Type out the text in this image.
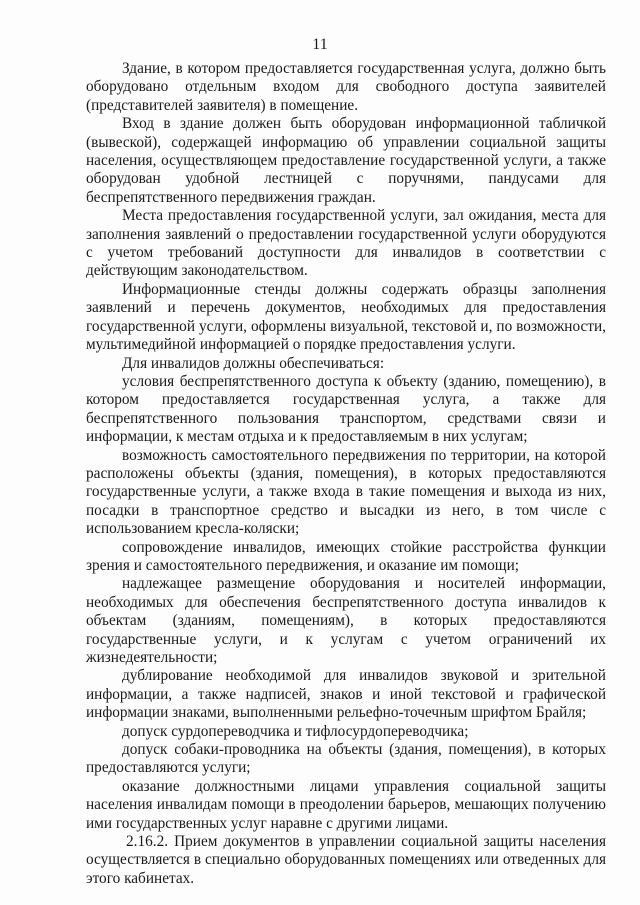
11

Здание, в котором предоставляется государственная услуга, должно быть оборудовано отдельным входом для свободного доступа заявителей (представителей заявителя) в помещение.

Вход в здание должен быть оборудован информационной табличкой (вывеской), содержащей информацию об управлении социальной защиты населения, осуществляющем предоставление государственной услуги, а также оборудован удобной лестницей с поручнями, пандусами для беспрепятственного передвижения граждан.

Места предоставления государственной услуги, зал ожидания, места для заполнения заявлений о предоставлении государственной услуги оборудуются с учетом требований доступности для инвалидов в соответствии с действующим законодательством.

Информационные стенды должны содержать образцы заполнения заявлений и перечень документов, необходимых для предоставления государственной услуги, оформлены визуальной, текстовой и, по возможности, мультимедийной информацией о порядке предоставления услуги.

Для инвалидов должны обеспечиваться:

условия беспрепятственного доступа к объекту (зданию, помещению), в котором предоставляется государственная услуга, а также для беспрепятственного пользования транспортом, средствами связи и информации, к местам отдыха и к предоставляемым в них услугам;

возможность самостоятельного передвижения по территории, на которой расположены объекты (здания, помещения), в которых предоставляются государственные услуги, а также входа в такие помещения и выхода из них, посадки в транспортное средство и высадки из него, в том числе с использованием кресла-коляски;

сопровождение инвалидов, имеющих стойкие расстройства функции зрения и самостоятельного передвижения, и оказание им помощи;

надлежащее размещение оборудования и носителей информации, необходимых для обеспечения беспрепятственного доступа инвалидов к объектам (зданиям, помещениям), в которых предоставляются государственные услуги, и к услугам с учетом ограничений их жизнедеятельности;

дублирование необходимой для инвалидов звуковой и зрительной информации, а также надписей, знаков и иной текстовой и графической информации знаками, выполненными рельефно-точечным шрифтом Брайля;

допуск сурдопереводчика и тифлосурдопереводчика;

допуск собаки-проводника на объекты (здания, помещения), в которых предоставляются услуги;

оказание должностными лицами управления социальной защиты населения инвалидам помощи в преодолении барьеров, мешающих получению ими государственных услуг наравне с другими лицами.

2.16.2. Прием документов в управлении социальной защиты населения осуществляется в специально оборудованных помещениях или отведенных для этого кабинетах.
